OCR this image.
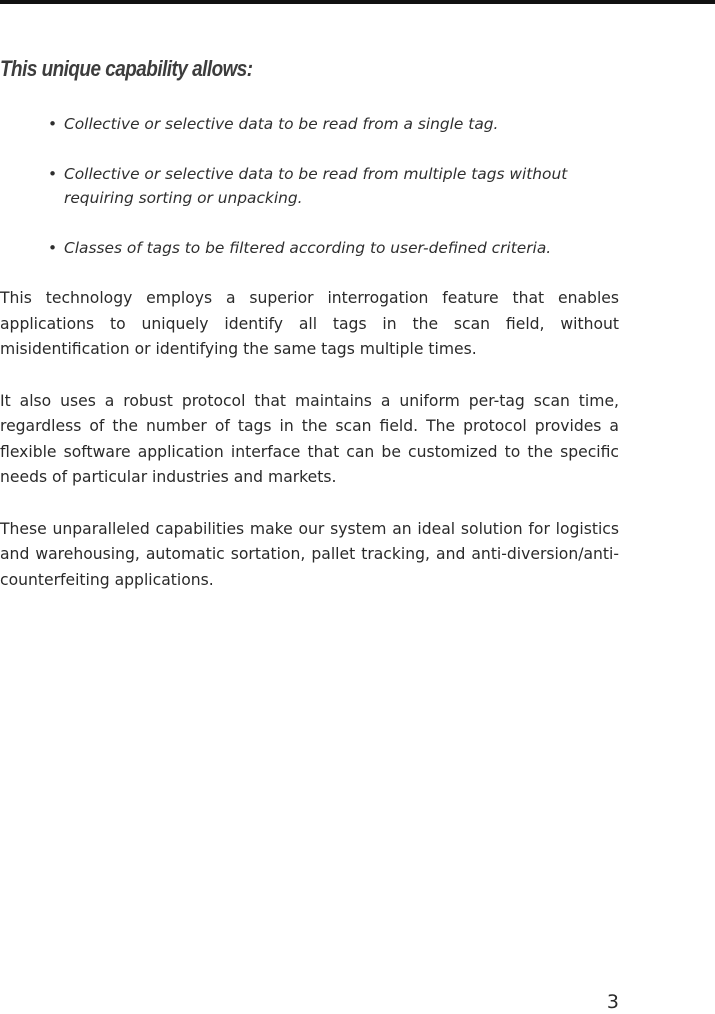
This unique capability allows:
• Collective or selective data to be read from a single tag.
• Collective or selective data to be read from multiple tags without requiring sorting or unpacking.
• Classes of tags to be filtered according to user-defined criteria.

This technology employs a superior interrogation feature that enables applications to uniquely identify all tags in the scan field, without misidentification or identifying the same tags multiple times.

It also uses a robust protocol that maintains a uniform per-tag scan time, regardless of the number of tags in the scan field. The protocol provides a flexible software application interface that can be customized to the specific needs of particular industries and markets.

These unparalleled capabilities make our system an ideal solution for logistics and warehousing, automatic sortation, pallet tracking, and anti-diversion/anti-counterfeiting applications.

3
